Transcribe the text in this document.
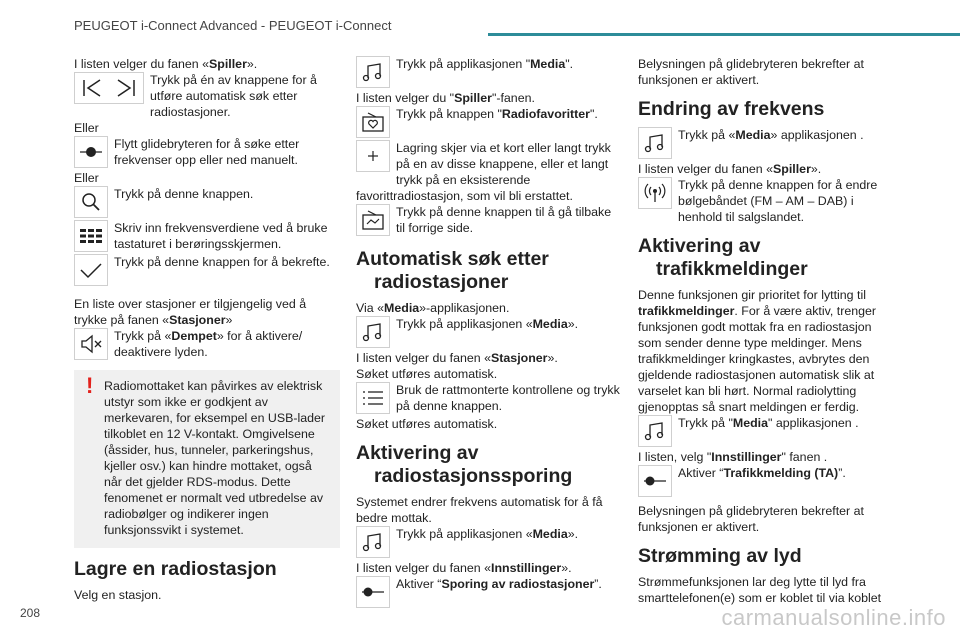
PEUGEOT i-Connect Advanced - PEUGEOT i-Connect

I listen velger du fanen «Spiller».

Trykk på én av knappene for å utføre automatisk søk etter radiostasjoner.

Eller

Flytt glidebryteren for å søke etter frekvenser opp eller ned manuelt.

Eller

Trykk på denne knappen.
Skriv inn frekvensverdiene ved å bruke tastaturet i berøringsskjermen.
Trykk på denne knappen for å bekrefte.

En liste over stasjoner er tilgjengelig ved å trykke på fanen «Stasjoner»

Trykk på «Dempet» for å aktivere/ deaktivere lyden.
! Radiomottaket kan påvirkes av elektrisk utstyr som ikke er godkjent av merkevaren, for eksempel en USB-lader tilkoblet en 12 V-kontakt. Omgivelsene (åssider, hus, tunneler, parkeringshus, kjeller osv.) kan hindre mottaket, også når det gjelder RDS-modus. Dette fenomenet er normalt ved utbredelse av radiobølger og indikerer ingen funksjonssvikt i systemet.
Lagre en radiostasjon

Velg en stasjon.

Trykk på applikasjonen "Media".

I listen velger du "Spiller"-fanen.

Trykk på knappen "Radiofavoritter".
Lagring skjer via et kort eller langt trykk på en av disse knappene, eller et langt trykk på en eksisterende favorittradiostasjon, som vil bli erstattet.
Trykk på denne knappen til å gå tilbake til forrige side.
Automatisk søk etter
radiostasjoner

Via «Media»-applikasjonen.

Trykk på applikasjonen «Media».

I listen velger du fanen «Stasjoner».

Søket utføres automatisk.

Bruk de rattmonterte kontrollene og trykk på denne knappen.

Søket utføres automatisk.

Aktivering av
radiostasjonssporing

Systemet endrer frekvens automatisk for å få bedre mottak.

Trykk på applikasjonen «Media».

I listen velger du fanen «Innstillinger».

Aktiver “Sporing av radiostasjoner”.

Belysningen på glidebryteren bekrefter at funksjonen er aktivert.

Endring av frekvens
Trykk på «Media» applikasjonen .

I listen velger du fanen «Spiller».

Trykk på denne knappen for å endre bølgebåndet (FM – AM – DAB) i henhold til salgslandet.
Aktivering av
trafikkmeldinger

Denne funksjonen gir prioritet for lytting til trafikkmeldinger. For å være aktiv, trenger funksjonen godt mottak fra en radiostasjon som sender denne type meldinger. Mens trafikkmeldinger kringkastes, avbrytes den gjeldende radiostasjonen automatisk slik at varselet kan bli hørt. Normal radiolytting gjenopptas så snart meldingen er ferdig.

Trykk på "Media" applikasjonen .

I listen, velg "Innstillinger" fanen .

Aktiver “Trafikkmelding (TA)”.

Belysningen på glidebryteren bekrefter at funksjonen er aktivert.

Strømming av lyd

Strømmefunksjonen lar deg lytte til lyd fra smarttelefonen(e) som er koblet til via koblet

208	carmanualsonline.info
